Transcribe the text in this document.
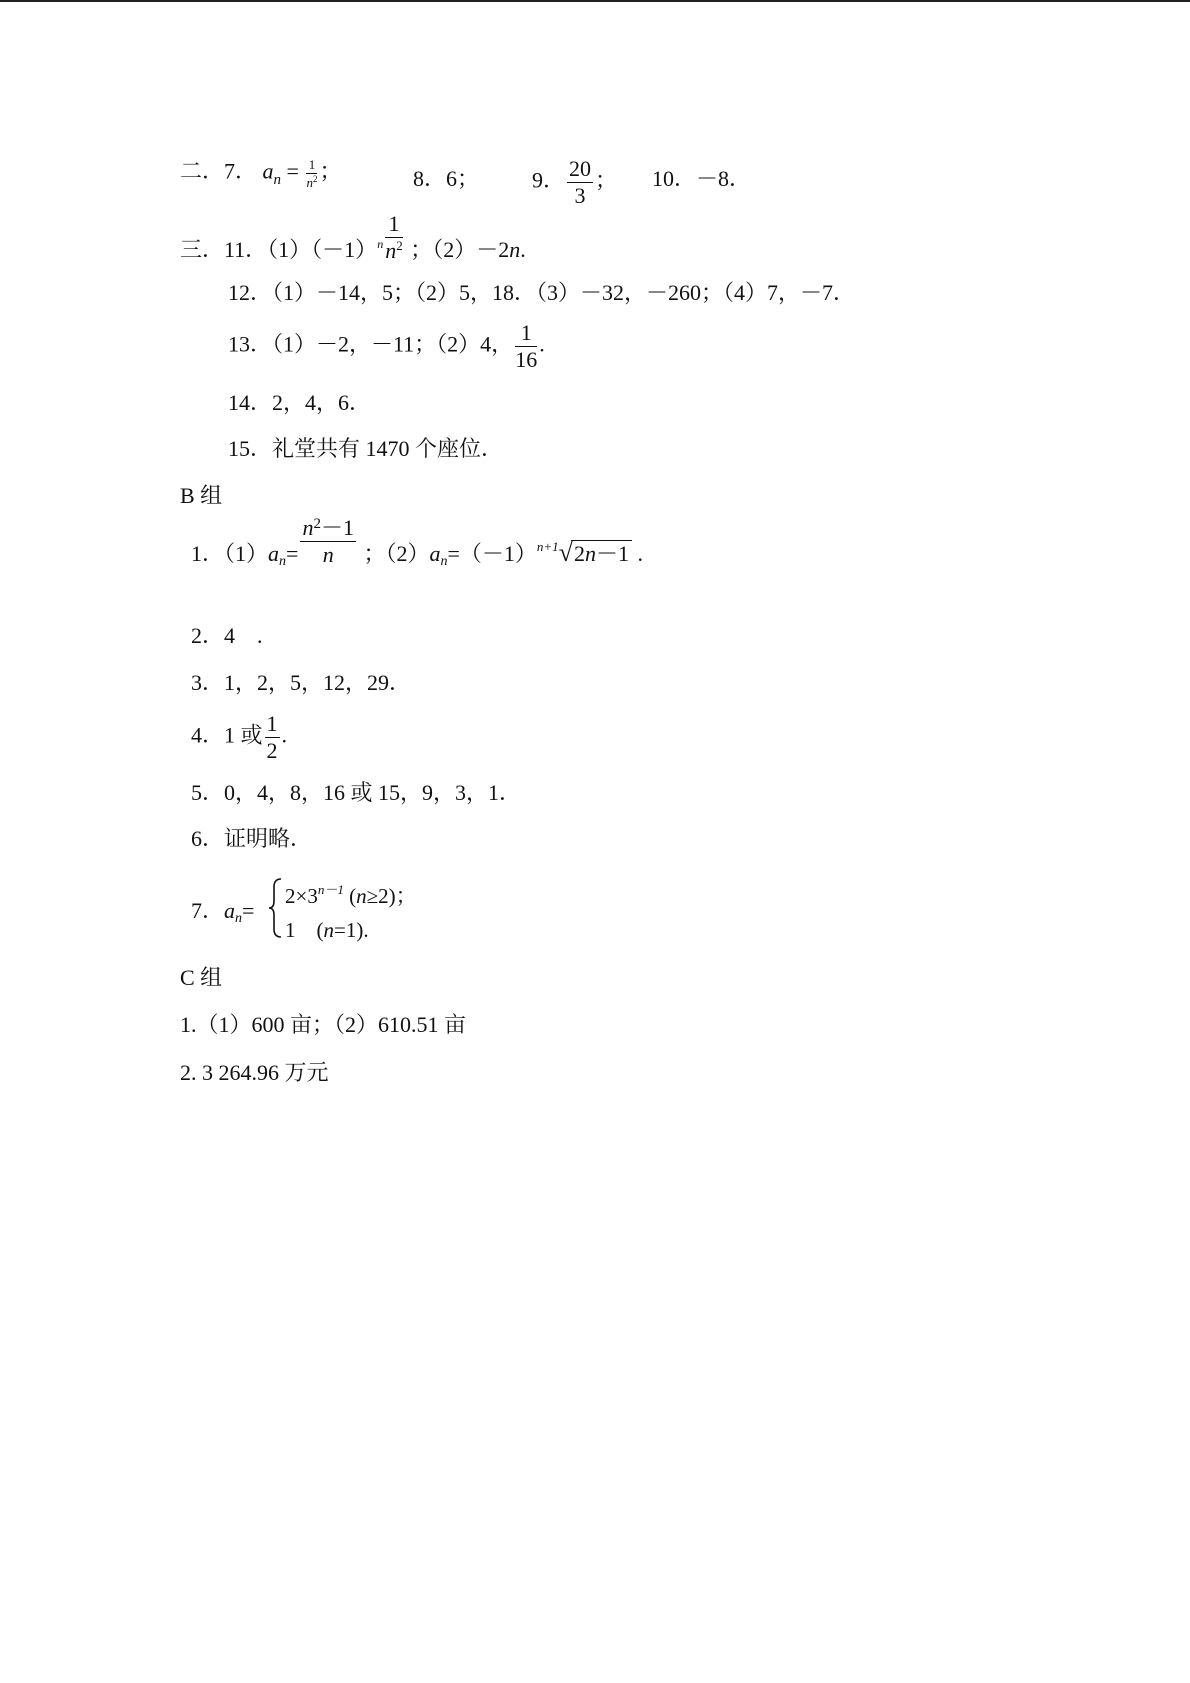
二．7． $a_n = \frac{1}{n^2}$ ；	8．6； 9． $\frac{20}{3}$ ； 10．－8．
三．11．$(1)(-1)_n \frac{1}{n^2}$ ；（2）－2n.
12．（1）－14，5；（2）5，18．（3）－32，－260；（4）7，－7．
13．（1）－2，－11；（2）4， $\frac{1}{16}$ .
14．2，4，6．
15．礼堂共有 1470 个座位．
B 组
1．$(1)an= \frac{n^2-1}{n}$ ；$(2)an=(-1)^{n+1}√2n-1$ .
2．4　.
3．1，2，5，12，29．
4．1 或 $\frac{1}{2}$ .
5．0，4，8，16 或 15，9，3，1．
6．证明略．
7．an=
$2\times 3^{n-1}$ (n≥2)；
1　(n=1).
C 组
1.（1）600 亩；（2）610.51 亩
2. 3 264.96 万元
